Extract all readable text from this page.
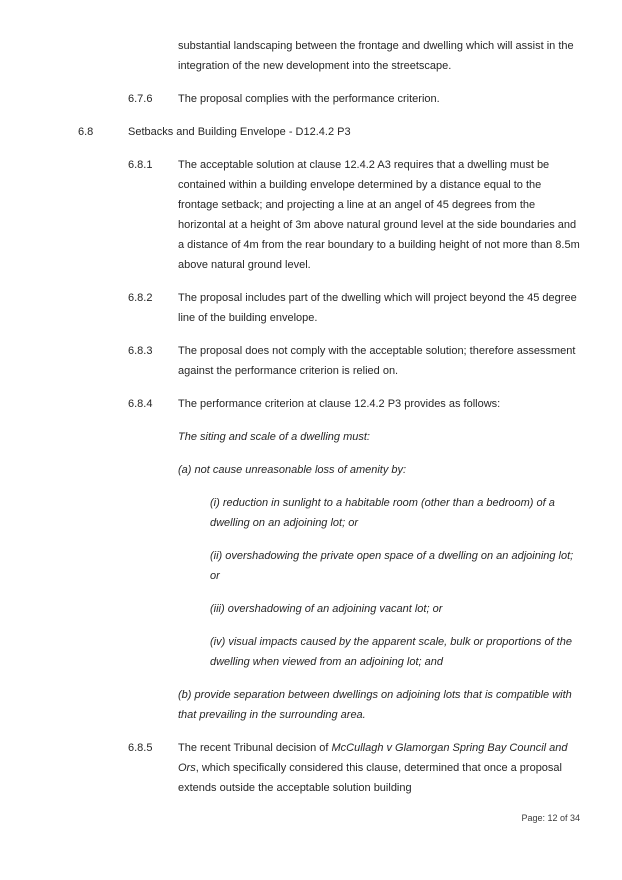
substantial landscaping between the frontage and dwelling which will assist in the integration of the new development into the streetscape.

6.7.6	The proposal complies with the performance criterion.
6.8	Setbacks and Building Envelope - D12.4.2 P3
6.8.1	The acceptable solution at clause 12.4.2 A3 requires that a dwelling must be contained within a building envelope determined by a distance equal to the frontage setback; and projecting a line at an angel of 45 degrees from the horizontal at a height of 3m above natural ground level at the side boundaries and a distance of 4m from the rear boundary to a building height of not more than 8.5m above natural ground level.
6.8.2	The proposal includes part of the dwelling which will project beyond the 45 degree line of the building envelope.
6.8.3	The proposal does not comply with the acceptable solution; therefore assessment against the performance criterion is relied on.
6.8.4	The performance criterion at clause 12.4.2 P3 provides as follows:

The siting and scale of a dwelling must:

(a) not cause unreasonable loss of amenity by:

(i) reduction in sunlight to a habitable room (other than a bedroom) of a dwelling on an adjoining lot; or

(ii) overshadowing the private open space of a dwelling on an adjoining lot; or

(iii) overshadowing of an adjoining vacant lot; or

(iv) visual impacts caused by the apparent scale, bulk or proportions of the dwelling when viewed from an adjoining lot; and

(b) provide separation between dwellings on adjoining lots that is compatible with that prevailing in the surrounding area.

6.8.5	The recent Tribunal decision of McCullagh v Glamorgan Spring Bay Council and Ors, which specifically considered this clause, determined that once a proposal extends outside the acceptable solution building
Page: 12 of 34
